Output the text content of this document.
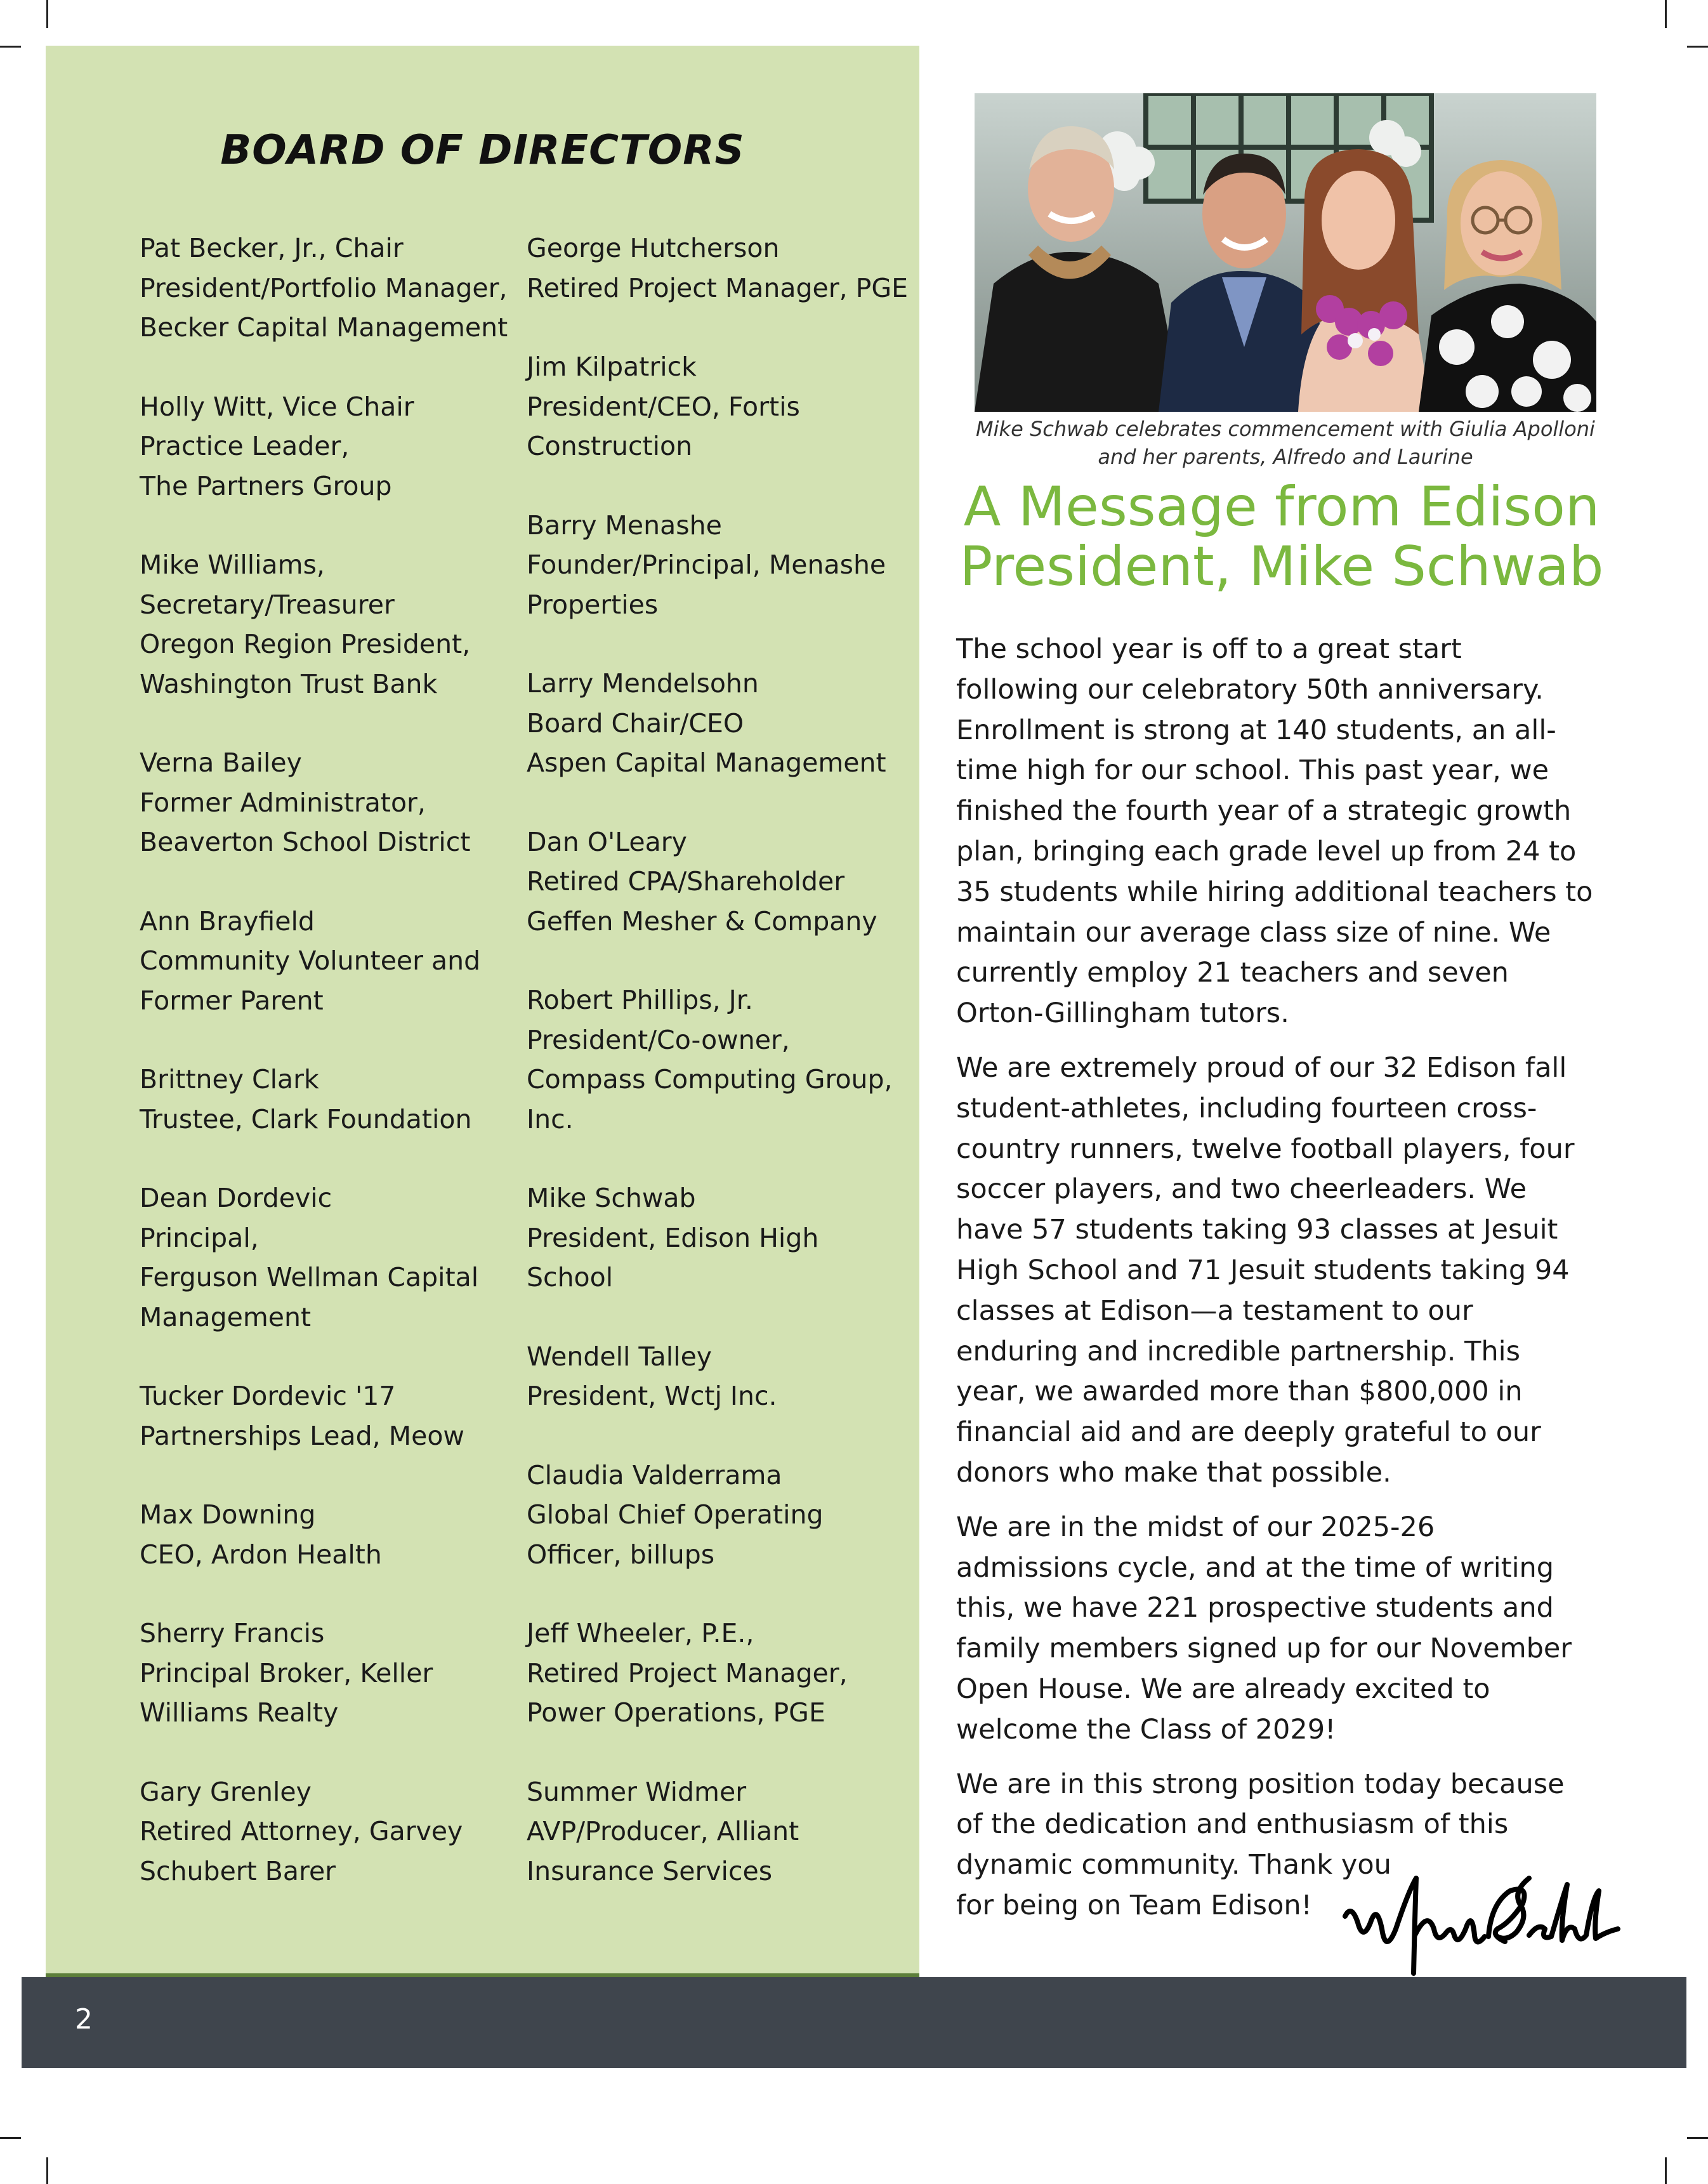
BOARD OF DIRECTORS
Pat Becker, Jr., Chair
President/Portfolio Manager,
Becker Capital Management
Holly Witt, Vice Chair
Practice Leader,
The Partners Group
Mike Williams,
Secretary/Treasurer
Oregon Region President,
Washington Trust Bank
Verna Bailey
Former Administrator,
Beaverton School District
Ann Brayfield
Community Volunteer and
Former Parent
Brittney Clark
Trustee, Clark Foundation
Dean Dordevic
Principal,
Ferguson Wellman Capital
Management
Tucker Dordevic '17
Partnerships Lead, Meow
Max Downing
CEO, Ardon Health
Sherry Francis
Principal Broker, Keller
Williams Realty
Gary Grenley
Retired Attorney, Garvey
Schubert Barer
George Hutcherson
Retired Project Manager, PGE
Jim Kilpatrick
President/CEO, Fortis
Construction
Barry Menashe
Founder/Principal, Menashe
Properties
Larry Mendelsohn
Board Chair/CEO
Aspen Capital Management
Dan O'Leary
Retired CPA/Shareholder
Geffen Mesher & Company
Robert Phillips, Jr.
President/Co-owner,
Compass Computing Group,
Inc.
Mike Schwab
President, Edison High
School
Wendell Talley
President, Wctj Inc.
Claudia Valderrama
Global Chief Operating
Officer, billups
Jeff Wheeler, P.E.,
Retired Project Manager,
Power Operations, PGE
Summer Widmer
AVP/Producer, Alliant
Insurance Services
Mike Schwab celebrates commencement with Giulia Apolloni
and her parents, Alfredo and Laurine
A Message from Edison
President, Mike Schwab
The school year is off to a great start
following our celebratory 50th anniversary.
Enrollment is strong at 140 students, an all-
time high for our school. This past year, we
finished the fourth year of a strategic growth
plan, bringing each grade level up from 24 to
35 students while hiring additional teachers to
maintain our average class size of nine. We
currently employ 21 teachers and seven
Orton-Gillingham tutors.
We are extremely proud of our 32 Edison fall
student-athletes, including fourteen cross-
country runners, twelve football players, four
soccer players, and two cheerleaders. We
have 57 students taking 93 classes at Jesuit
High School and 71 Jesuit students taking 94
classes at Edison—a testament to our
enduring and incredible partnership. This
year, we awarded more than $800,000 in
financial aid and are deeply grateful to our
donors who make that possible.
We are in the midst of our 2025-26
admissions cycle, and at the time of writing
this, we have 221 prospective students and
family members signed up for our November
Open House. We are already excited to
welcome the Class of 2029!
We are in this strong position today because
of the dedication and enthusiasm of this
dynamic community. Thank you
for being on Team Edison!
2
